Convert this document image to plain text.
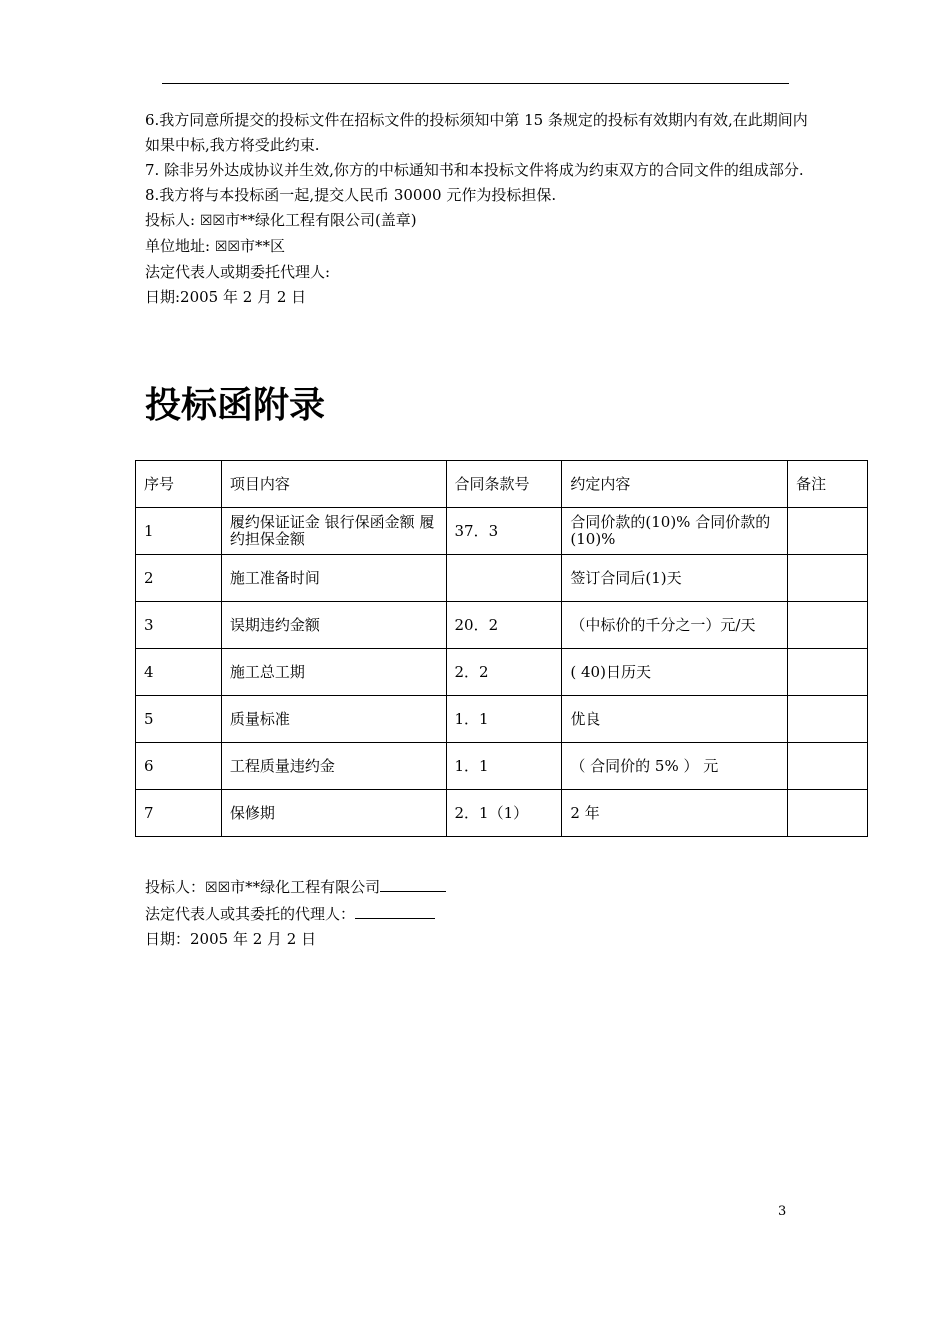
6.我方同意所提交的投标文件在招标文件的投标须知中第 15 条规定的投标有效期内有效,在此期间内如果中标,我方将受此约束.

7. 除非另外达成协议并生效,你方的中标通知书和本投标文件将成为约束双方的合同文件的组成部分.

8.我方将与本投标函一起,提交人民币 30000 元作为投标担保.

投标人: ☒☒市**绿化工程有限公司(盖章)

单位地址: ☒☒市**区

法定代表人或期委托代理人:

日期:2005 年 2 月 2 日

投标函附录
序号	项目内容	合同条款号	约定内容	备注
1	履约保证证金 银行保函金额 履约担保金额	37．3	合同价款的(10)% 合同价款的(10)%	
2	施工准备时间		签订合同后(1)天	
3	误期违约金额	20．2	（中标价的千分之一）元/天	
4	施工总工期	2．2	( 40)日历天	
5	质量标准	1．1	优良	
6	工程质量违约金	1．1	（ 合同价的 5% ） 元	
7	保修期	2．1（1）	2 年	

投标人：☒☒市**绿化工程有限公司

法定代表人或其委托的代理人：

日期：2005 年 2 月 2 日

3
